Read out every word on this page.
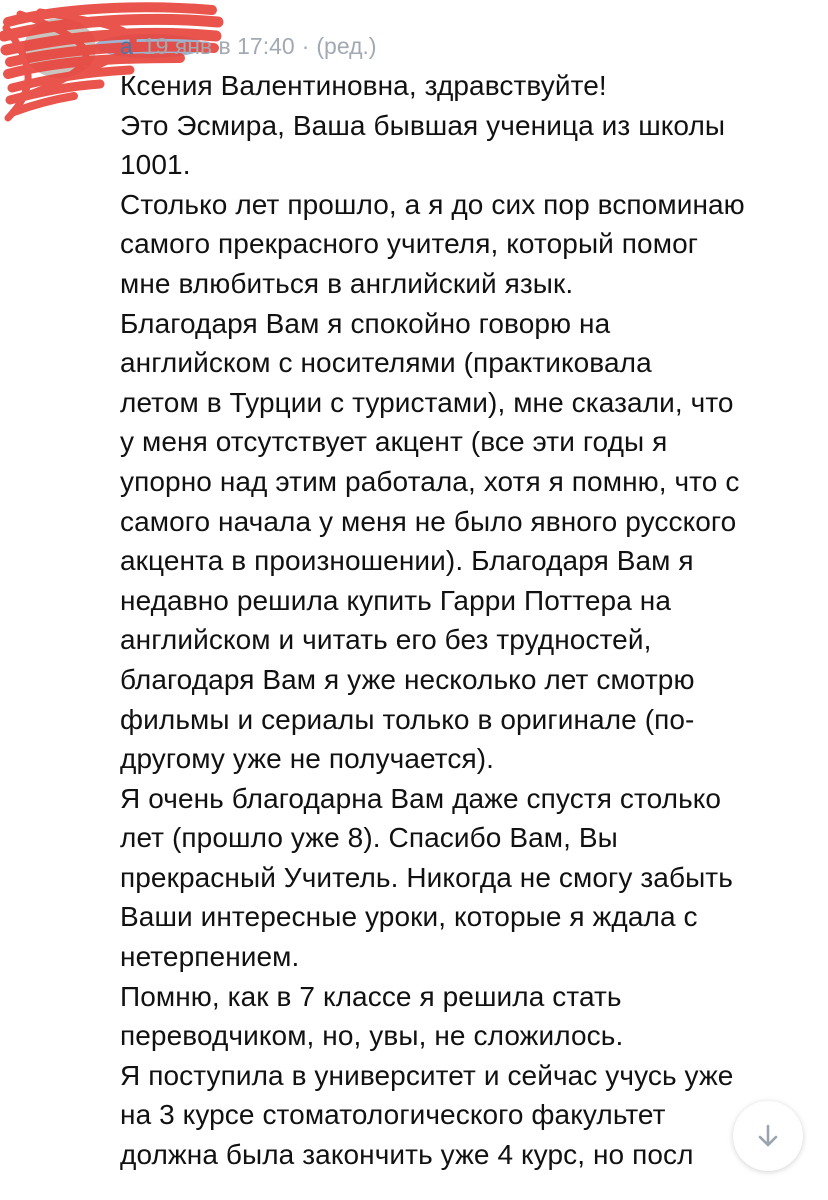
а 19 янв в 17:40 · (ред.)
Ксения Валентиновна, здравствуйте!
Это Эсмира, Ваша бывшая ученица из школы
1001.
Столько лет прошло, а я до сих пор вспоминаю
самого прекрасного учителя, который помог
мне влюбиться в английский язык.
Благодаря Вам я спокойно говорю на
английском с носителями (практиковала
летом в Турции с туристами), мне сказали, что
у меня отсутствует акцент (все эти годы я
упорно над этим работала, хотя я помню, что с
самого начала у меня не было явного русского
акцента в произношении). Благодаря Вам я
недавно решила купить Гарри Поттера на
английском и читать его без трудностей,
благодаря Вам я уже несколько лет смотрю
фильмы и сериалы только в оригинале (по-
другому уже не получается).
Я очень благодарна Вам даже спустя столько
лет (прошло уже 8). Спасибо Вам, Вы
прекрасный Учитель. Никогда не смогу забыть
Ваши интересные уроки, которые я ждала с
нетерпением.
Помню, как в 7 классе я решила стать
переводчиком, но, увы, не сложилось.
Я поступила в университет и сейчас учусь уже
на 3 курсе стоматологического факультет
должна была закончить уже 4 курс, но посл
